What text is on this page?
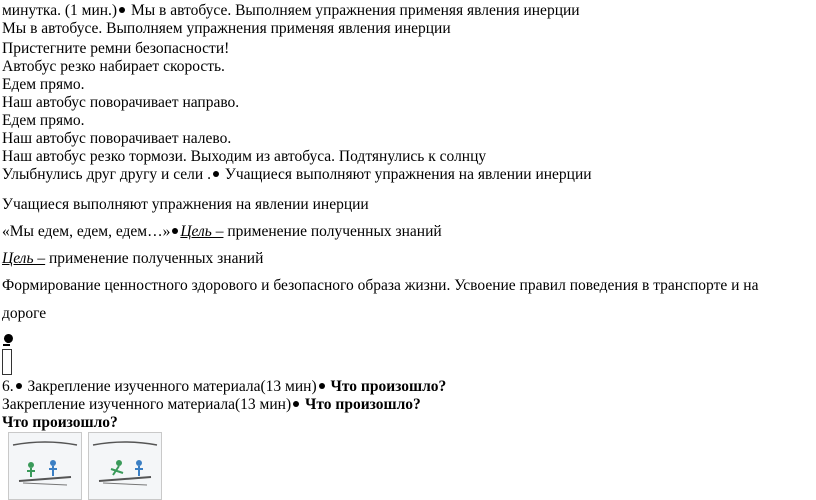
минутка. (1 мин.) Мы в автобусе. Выполняем упражнения применяя явления инерции
Мы в автобусе. Выполняем упражнения применяя явления инерции
Пристегните ремни безопасности!
Автобус резко набирает скорость.
Едем прямо.
Наш автобус поворачивает направо.
Едем прямо.
Наш автобус поворачивает налево.
Наш автобус резко тормози. Выходим из автобуса. Подтянулись к солнцу
Улыбнулись друг другу и сели . Учащиеся выполняют упражнения на явлении инерции
Учащиеся выполняют упражнения на явлении инерции
«Мы едем, едем, едем…» Цель – применение полученных знаний
Цель – применение полученных знаний
Формирование ценностного здорового и безопасного образа жизни. Усвоение правил поведения в транспорте и на
дороге
6. Закрепление изученного материала(13 мин) Что произошло?
Закрепление изученного материала(13 мин) Что произошло?
Что произошло?
